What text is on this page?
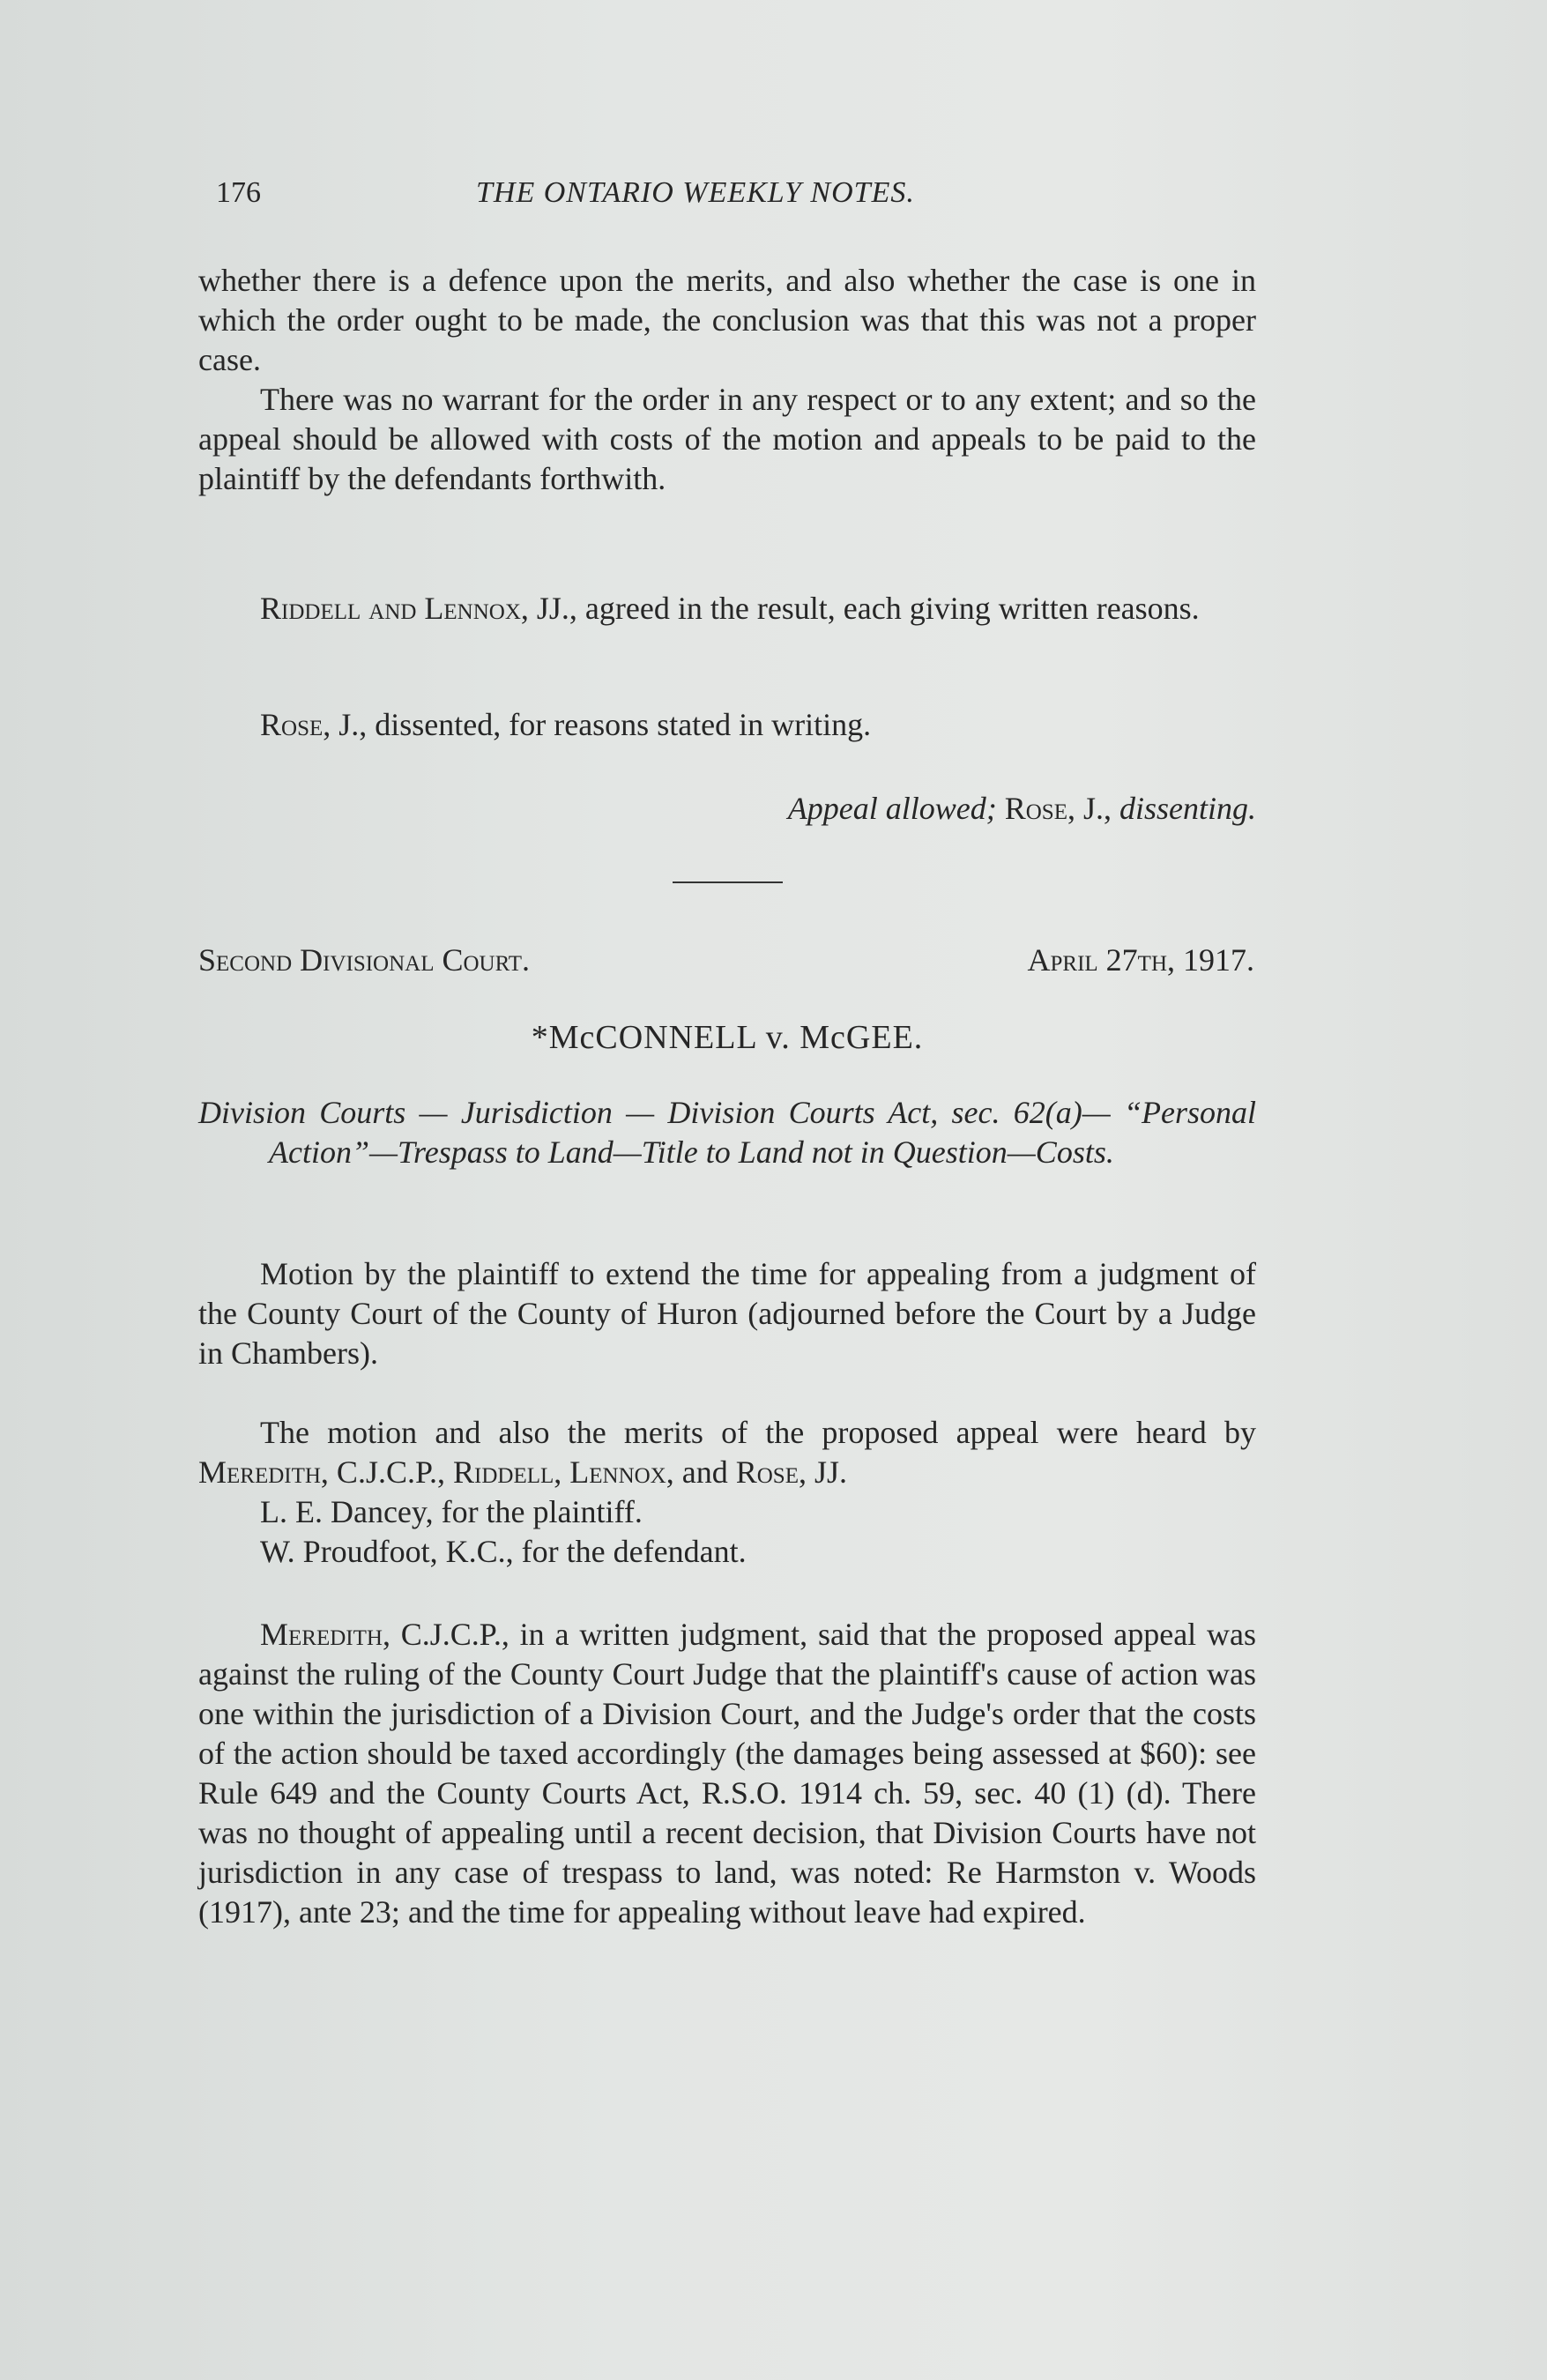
176	THE ONTARIO WEEKLY NOTES.

whether there is a defence upon the merits, and also whether the case is one in which the order ought to be made, the conclusion was that this was not a proper case.

There was no warrant for the order in any respect or to any extent; and so the appeal should be allowed with costs of the motion and appeals to be paid to the plaintiff by the defendants forthwith.

Riddell and Lennox, JJ., agreed in the result, each giving written reasons.

Rose, J., dissented, for reasons stated in writing.

Appeal allowed; Rose, J., dissenting.

Second Divisional Court.	April 27th, 1917.
*McCONNELL v. McGEE.

Division Courts — Jurisdiction — Division Courts Act, sec. 62(a)— “Personal Action”—Trespass to Land—Title to Land not in Question—Costs.

Motion by the plaintiff to extend the time for appealing from a judgment of the County Court of the County of Huron (adjourned before the Court by a Judge in Chambers).

The motion and also the merits of the proposed appeal were heard by Meredith, C.J.C.P., Riddell, Lennox, and Rose, JJ.

L. E. Dancey, for the plaintiff.

W. Proudfoot, K.C., for the defendant.

Meredith, C.J.C.P., in a written judgment, said that the proposed appeal was against the ruling of the County Court Judge that the plaintiff's cause of action was one within the jurisdiction of a Division Court, and the Judge's order that the costs of the action should be taxed accordingly (the damages being assessed at $60): see Rule 649 and the County Courts Act, R.S.O. 1914 ch. 59, sec. 40 (1) (d). There was no thought of appealing until a recent decision, that Division Courts have not jurisdiction in any case of trespass to land, was noted: Re Harmston v. Woods (1917), ante 23; and the time for appealing without leave had expired.
